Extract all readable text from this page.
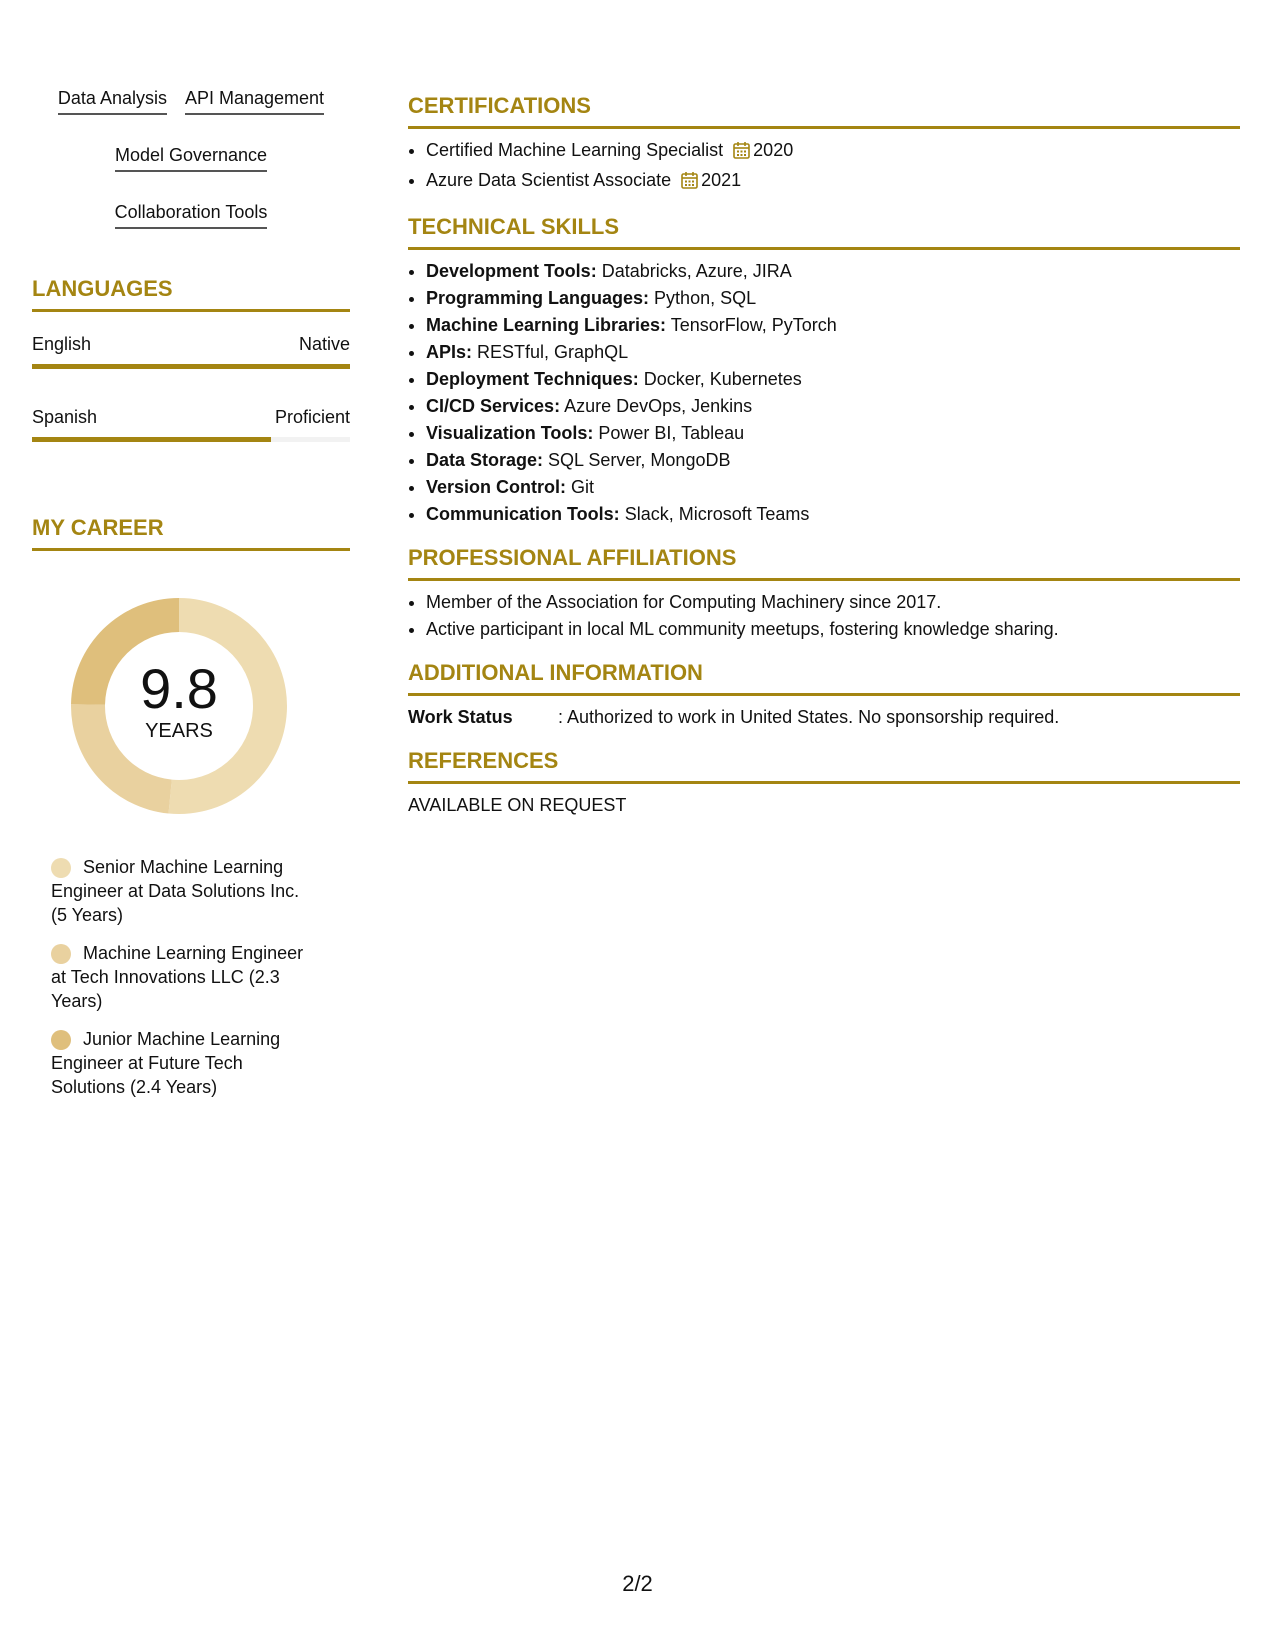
Data Analysis API Management
Model Governance
Collaboration Tools
LANGUAGES
English	Native
Spanish	Proficient
MY CAREER
9.8
YEARS
Senior Machine Learning Engineer at Data Solutions Inc. (5 Years)
Machine Learning Engineer at Tech Innovations LLC (2.3 Years)
Junior Machine Learning Engineer at Future Tech Solutions (2.4 Years)
CERTIFICATIONS
• Certified Machine Learning Specialist 2020
• Azure Data Scientist Associate 2021
TECHNICAL SKILLS
• Development Tools: Databricks, Azure, JIRA
• Programming Languages: Python, SQL
• Machine Learning Libraries: TensorFlow, PyTorch
• APIs: RESTful, GraphQL
• Deployment Techniques: Docker, Kubernetes
• CI/CD Services: Azure DevOps, Jenkins
• Visualization Tools: Power BI, Tableau
• Data Storage: SQL Server, MongoDB
• Version Control: Git
• Communication Tools: Slack, Microsoft Teams
PROFESSIONAL AFFILIATIONS
• Member of the Association for Computing Machinery since 2017.
• Active participant in local ML community meetups, fostering knowledge sharing.
ADDITIONAL INFORMATION
Work Status	: Authorized to work in United States. No sponsorship required.
REFERENCES
AVAILABLE ON REQUEST
2/2
